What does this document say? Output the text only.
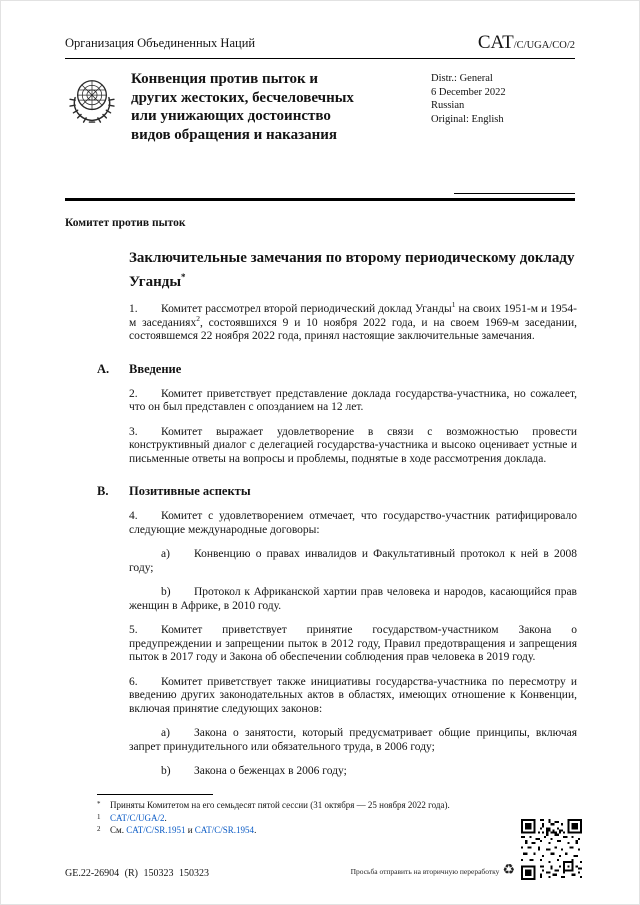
Организация Объединенных Наций	CAT/C/UGA/CO/2
Конвенция против пыток и
других жестоких, бесчеловечных
или унижающих достоинство
видов обращения и наказания
Distr.: General
6 December 2022
Russian
Original: English
Комитет против пыток
Заключительные замечания по второму периодическому докладу Уганды*

1. Комитет рассмотрел второй периодический доклад Уганды$^1$ на своих 1951-м и 1954-м заседаниях$^2$, состоявшихся 9 и 10 ноября 2022 года, и на своем 1969-м заседании, состоявшемся 22 ноября 2022 года, принял настоящие заключительные замечания.

A. Введение

2. Комитет приветствует представление доклада государства-участника, но сожалеет, что он был представлен с опозданием на 12 лет.

3. Комитет выражает удовлетворение в связи с возможностью провести конструктивный диалог с делегацией государства-участника и высоко оценивает устные и письменные ответы на вопросы и проблемы, поднятые в ходе рассмотрения доклада.

B. Позитивные аспекты

4. Комитет с удовлетворением отмечает, что государство-участник ратифицировало следующие международные договоры:

a) Конвенцию о правах инвалидов и Факультативный протокол к ней в 2008 году;

b) Протокол к Африканской хартии прав человека и народов, касающийся прав женщин в Африке, в 2010 году.

5. Комитет приветствует принятие государством-участником Закона о предупреждении и запрещении пыток в 2012 году, Правил предотвращения и запрещения пыток в 2017 году и Закона об обеспечении соблюдения прав человека в 2019 году.

6. Комитет приветствует также инициативы государства-участника по пересмотру и введению других законодательных актов в областях, имеющих отношение к Конвенции, включая принятие следующих законов:

a) Закона о занятости, который предусматривает общие принципы, включая запрет принудительного или обязательного труда, в 2006 году;

b) Закона о беженцах в 2006 году;

* Приняты Комитетом на его семьдесят пятой сессии (31 октября — 25 ноября 2022 года).
1 CAT/C/UGA/2.
2 См. CAT/C/SR.1951 и CAT/C/SR.1954.
GE.22-26904 (R) 150323 150323	Просьба отправить на вторичную переработку ♻
